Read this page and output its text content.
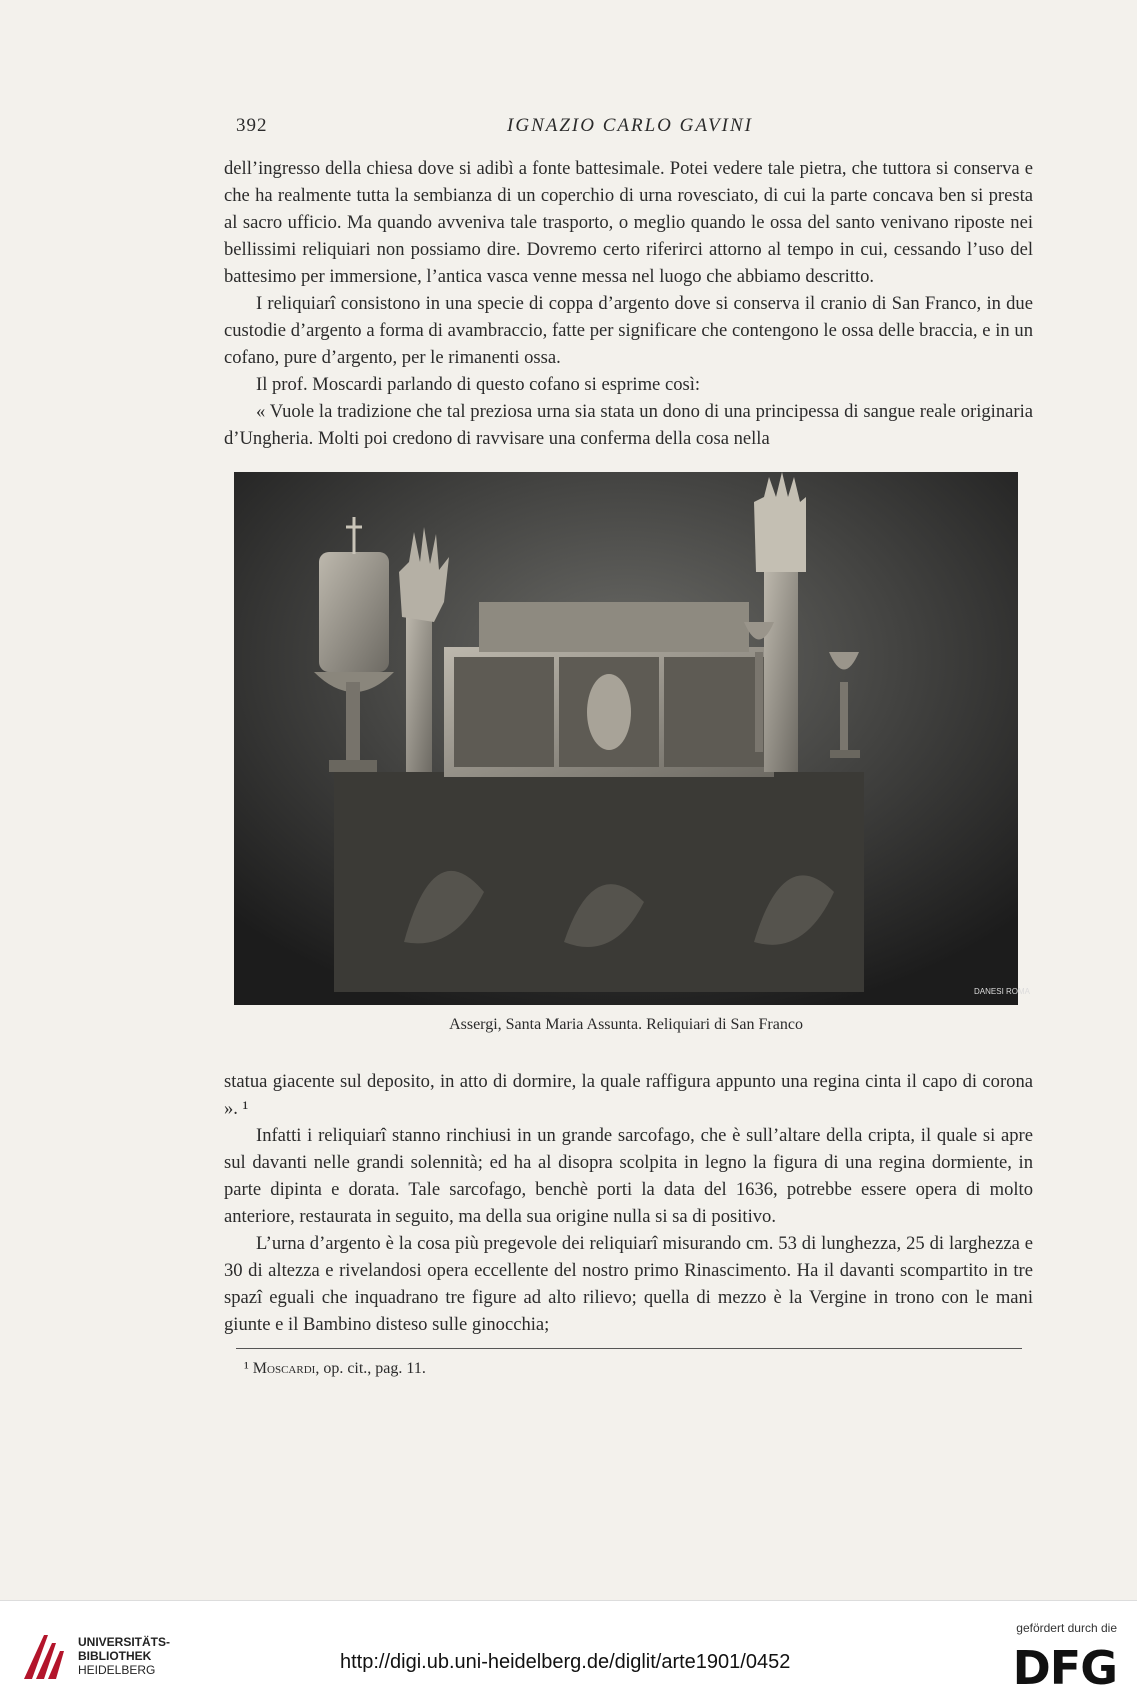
392	IGNAZIO CARLO GAVINI

dell’ingresso della chiesa dove si adibì a fonte battesimale. Potei vedere tale pietra, che tuttora si conserva e che ha realmente tutta la sembianza di un coperchio di urna rovesciato, di cui la parte concava ben si presta al sacro ufficio. Ma quando avveniva tale trasporto, o meglio quando le ossa del santo venivano riposte nei bellissimi reliquiari non possiamo dire. Dovremo certo riferirci attorno al tempo in cui, cessando l’uso del battesimo per immersione, l’antica vasca venne messa nel luogo che abbiamo descritto.

I reliquiarî consistono in una specie di coppa d’argento dove si conserva il cranio di San Franco, in due custodie d’argento a forma di avambraccio, fatte per significare che contengono le ossa delle braccia, e in un cofano, pure d’argento, per le rimanenti ossa.

Il prof. Moscardi parlando di questo cofano si esprime così:

« Vuole la tradizione che tal preziosa urna sia stata un dono di una principessa di sangue reale originaria d’Ungheria. Molti poi credono di ravvisare una conferma della cosa nella

DANESI ROMA
Assergi, Santa Maria Assunta. Reliquiari di San Franco

statua giacente sul deposito, in atto di dormire, la quale raffigura appunto una regina cinta il capo di corona ». ¹

Infatti i reliquiarî stanno rinchiusi in un grande sarcofago, che è sull’altare della cripta, il quale si apre sul davanti nelle grandi solennità; ed ha al disopra scolpita in legno la figura di una regina dormiente, in parte dipinta e dorata. Tale sarcofago, benchè porti la data del 1636, potrebbe essere opera di molto anteriore, restaurata in seguito, ma della sua origine nulla si sa di positivo.

L’urna d’argento è la cosa più pregevole dei reliquiarî misurando cm. 53 di lunghezza, 25 di larghezza e 30 di altezza e rivelandosi opera eccellente del nostro primo Rinascimento. Ha il davanti scompartito in tre spazî eguali che inquadrano tre figure ad alto rilievo; quella di mezzo è la Vergine in trono con le mani giunte e il Bambino disteso sulle ginocchia;

¹ Moscardi, op. cit., pag. 11.
UNIVERSITÄTS-
BIBLIOTHEK
HEIDELBERG	http://digi.ub.uni-heidelberg.de/diglit/arte1901/0452
gefördert durch die
DFG
